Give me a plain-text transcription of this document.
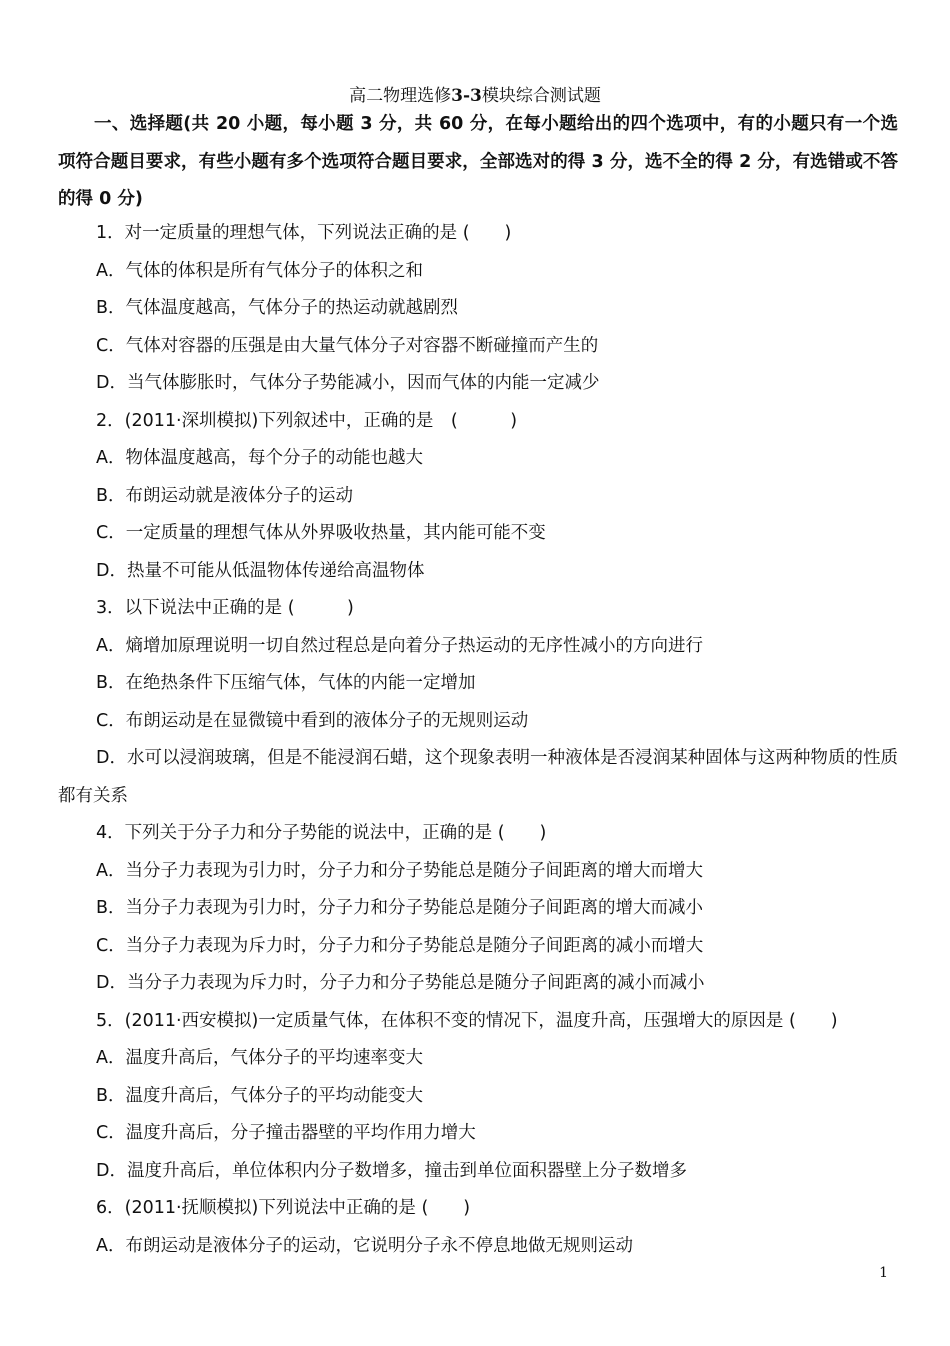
高二物理选修3-3模块综合测试题
一、选择题(共 20 小题，每小题 3 分，共 60 分，在每小题给出的四个选项中，有的小题只有一个选项符合题目要求，有些小题有多个选项符合题目要求，全部选对的得 3 分，选不全的得 2 分，有选错或不答的得 0 分)
1．对一定质量的理想气体，下列说法正确的是 (　　)
A．气体的体积是所有气体分子的体积之和
B．气体温度越高，气体分子的热运动就越剧烈
C．气体对容器的压强是由大量气体分子对容器不断碰撞而产生的
D．当气体膨胀时，气体分子势能减小，因而气体的内能一定减少
2．(2011·深圳模拟)下列叙述中，正确的是　(　　　)
A．物体温度越高，每个分子的动能也越大
B．布朗运动就是液体分子的运动
C．一定质量的理想气体从外界吸收热量，其内能可能不变
D．热量不可能从低温物体传递给高温物体
3．以下说法中正确的是 (　　　)
A．熵增加原理说明一切自然过程总是向着分子热运动的无序性减小的方向进行
B．在绝热条件下压缩气体，气体的内能一定增加
C．布朗运动是在显微镜中看到的液体分子的无规则运动
D．水可以浸润玻璃，但是不能浸润石蜡，这个现象表明一种液体是否浸润某种固体与这两种物质的性质都有关系
4．下列关于分子力和分子势能的说法中，正确的是 (　　)
A．当分子力表现为引力时，分子力和分子势能总是随分子间距离的增大而增大
B．当分子力表现为引力时，分子力和分子势能总是随分子间距离的增大而减小
C．当分子力表现为斥力时，分子力和分子势能总是随分子间距离的减小而增大
D．当分子力表现为斥力时，分子力和分子势能总是随分子间距离的减小而减小
5．(2011·西安模拟)一定质量气体，在体积不变的情况下，温度升高，压强增大的原因是 (　　)
A．温度升高后，气体分子的平均速率变大
B．温度升高后，气体分子的平均动能变大
C．温度升高后，分子撞击器壁的平均作用力增大
D．温度升高后，单位体积内分子数增多，撞击到单位面积器壁上分子数增多
6．(2011·抚顺模拟)下列说法中正确的是 (　　)
A．布朗运动是液体分子的运动，它说明分子永不停息地做无规则运动
1
